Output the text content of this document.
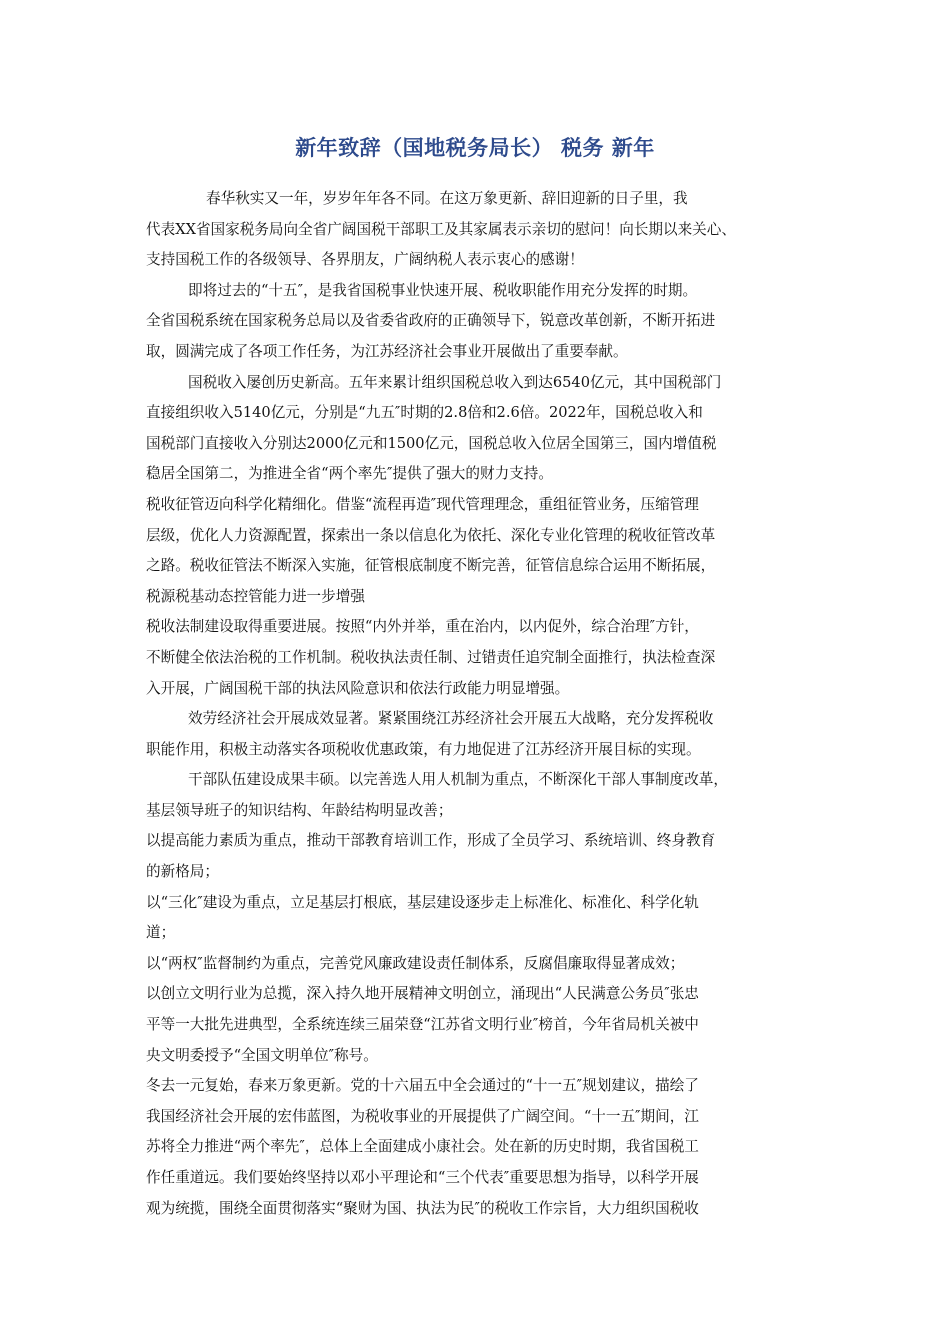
新年致辞（国地税务局长） 税务 新年
春华秋实又一年，岁岁年年各不同。在这万象更新、辞旧迎新的日子里，我
代表XX省国家税务局向全省广阔国税干部职工及其家属表示亲切的慰问！向长期以来关心、
支持国税工作的各级领导、各界朋友，广阔纳税人表示衷心的感谢！
即将过去的“十五″，是我省国税事业快速开展、税收职能作用充分发挥的时期。
全省国税系统在国家税务总局以及省委省政府的正确领导下，锐意改革创新，不断开拓进
取，圆满完成了各项工作任务，为江苏经济社会事业开展做出了重要奉献。
国税收入屡创历史新高。五年来累计组织国税总收入到达6540亿元，其中国税部门
直接组织收入5140亿元，分别是“九五″时期的2.8倍和2.6倍。2022年，国税总收入和
国税部门直接收入分别达2000亿元和1500亿元，国税总收入位居全国第三，国内增值税
稳居全国第二，为推进全省“两个率先″提供了强大的财力支持。
税收征管迈向科学化精细化。借鉴“流程再造″现代管理理念，重组征管业务，压缩管理
层级，优化人力资源配置，探索出一条以信息化为依托、深化专业化管理的税收征管改革
之路。税收征管法不断深入实施，征管根底制度不断完善，征管信息综合运用不断拓展，
税源税基动态控管能力进一步增强
税收法制建设取得重要进展。按照“内外并举，重在治内，以内促外，综合治理″方针，
不断健全依法治税的工作机制。税收执法责任制、过错责任追究制全面推行，执法检查深
入开展，广阔国税干部的执法风险意识和依法行政能力明显增强。
效劳经济社会开展成效显著。紧紧围绕江苏经济社会开展五大战略，充分发挥税收
职能作用，积极主动落实各项税收优惠政策，有力地促进了江苏经济开展目标的实现。
干部队伍建设成果丰硕。以完善选人用人机制为重点，不断深化干部人事制度改革，
基层领导班子的知识结构、年龄结构明显改善；
以提高能力素质为重点，推动干部教育培训工作，形成了全员学习、系统培训、终身教育
的新格局；
以“三化″建设为重点，立足基层打根底，基层建设逐步走上标准化、标准化、科学化轨
道；
以“两权″监督制约为重点，完善党风廉政建设责任制体系，反腐倡廉取得显著成效；
以创立文明行业为总揽，深入持久地开展精神文明创立，涌现出“人民满意公务员″张忠
平等一大批先进典型，全系统连续三届荣登“江苏省文明行业″榜首，今年省局机关被中
央文明委授予“全国文明单位″称号。
冬去一元复始，春来万象更新。党的十六届五中全会通过的“十一五″规划建议，描绘了
我国经济社会开展的宏伟蓝图，为税收事业的开展提供了广阔空间。“十一五″期间，江
苏将全力推进“两个率先″，总体上全面建成小康社会。处在新的历史时期，我省国税工
作任重道远。我们要始终坚持以邓小平理论和“三个代表″重要思想为指导，以科学开展
观为统揽，围绕全面贯彻落实“聚财为国、执法为民″的税收工作宗旨，大力组织国税收
